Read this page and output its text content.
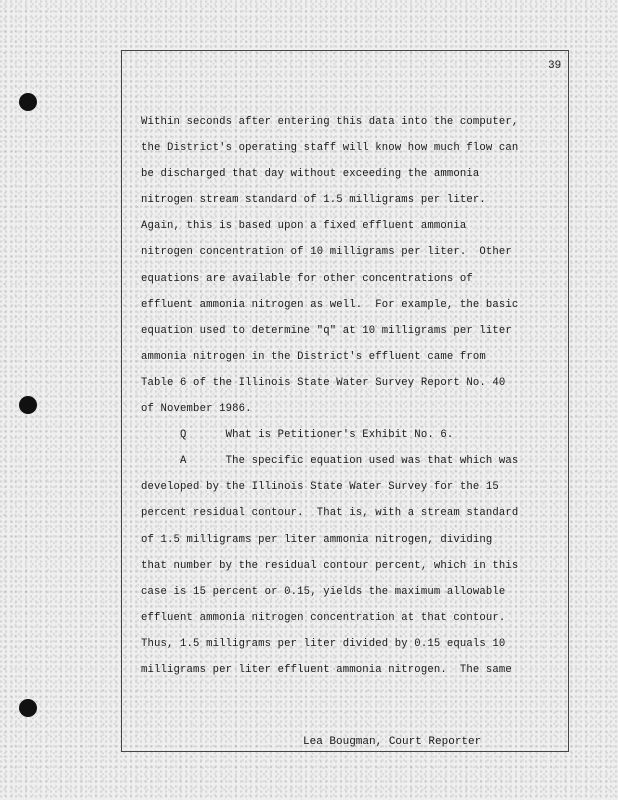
39
Within seconds after entering this data into the computer,
the District's operating staff will know how much flow can
be discharged that day without exceeding the ammonia
nitrogen stream standard of 1.5 milligrams per liter.
Again, this is based upon a fixed effluent ammonia
nitrogen concentration of 10 milligrams per liter.  Other
equations are available for other concentrations of
effluent ammonia nitrogen as well.  For example, the basic
equation used to determine "q" at 10 milligrams per liter
ammonia nitrogen in the District's effluent came from
Table 6 of the Illinois State Water Survey Report No. 40
of November 1986.
Q      What is Petitioner's Exhibit No. 6.
A      The specific equation used was that which was
developed by the Illinois State Water Survey for the 15
percent residual contour.  That is, with a stream standard
of 1.5 milligrams per liter ammonia nitrogen, dividing
that number by the residual contour percent, which in this
case is 15 percent or 0.15, yields the maximum allowable
effluent ammonia nitrogen concentration at that contour.
Thus, 1.5 milligrams per liter divided by 0.15 equals 10
milligrams per liter effluent ammonia nitrogen.  The same
Lea Bougman, Court Reporter
